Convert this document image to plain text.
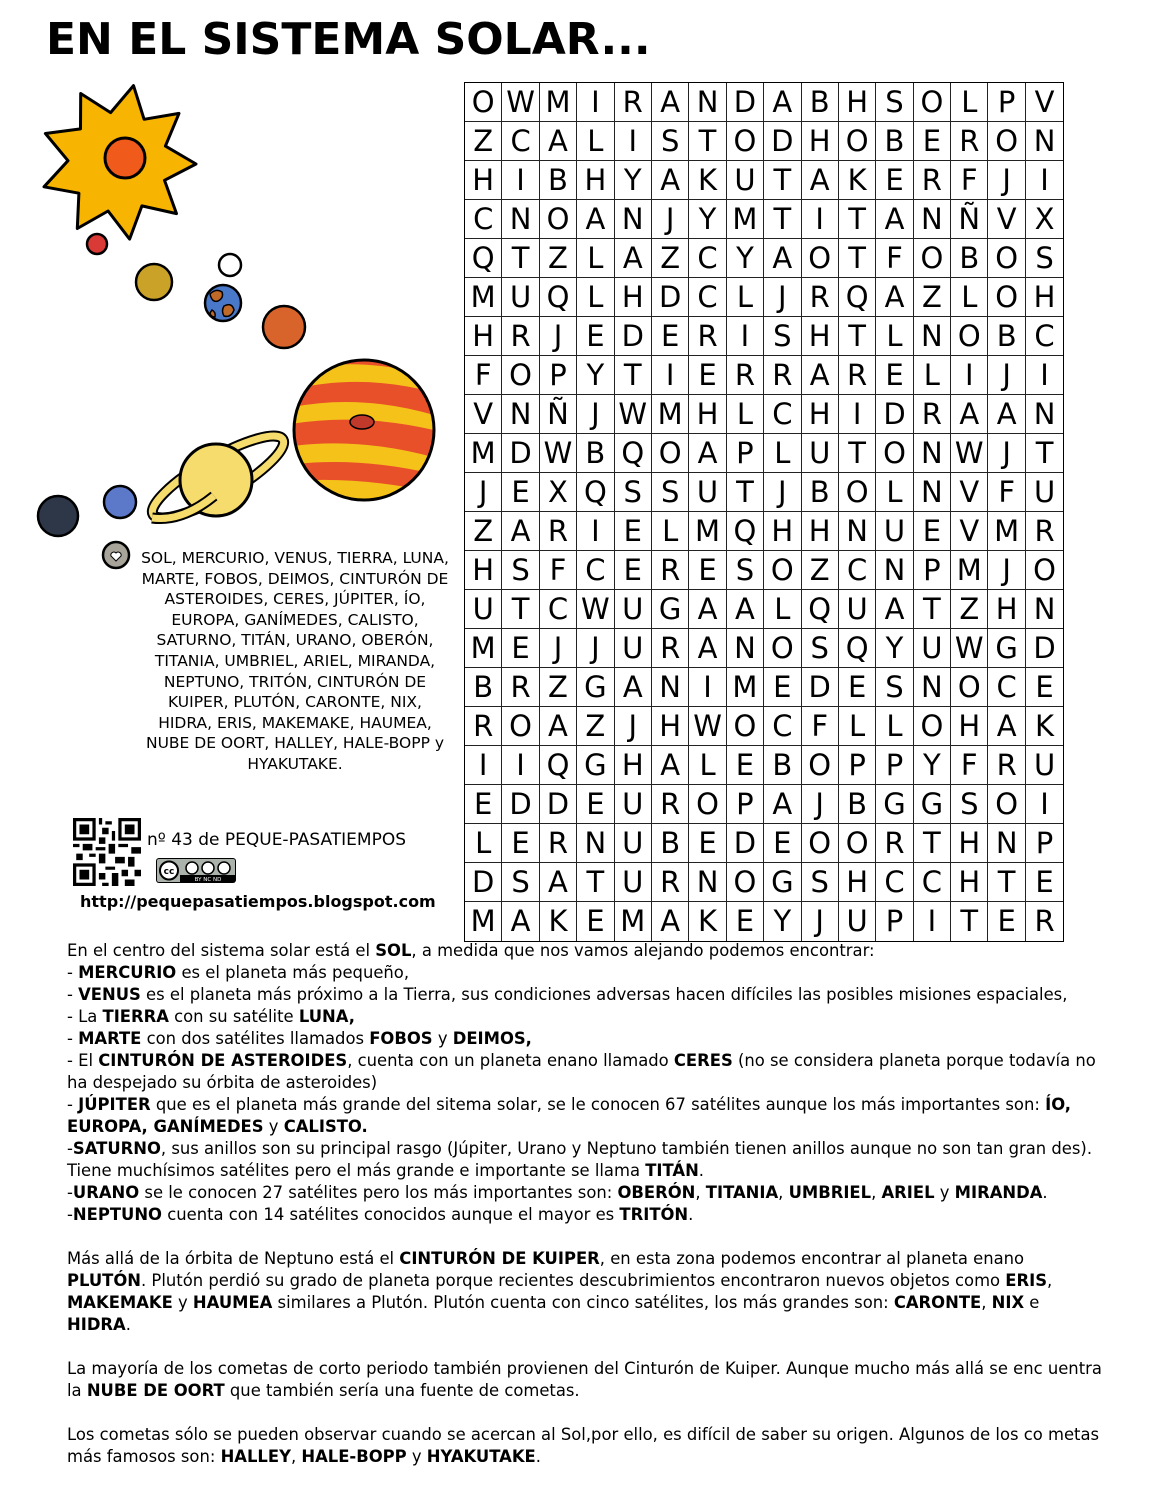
EN EL SISTEMA SOLAR...
SOL, MERCURIO, VENUS, TIERRA, LUNA, MARTE, FOBOS, DEIMOS, CINTURÓN DE ASTEROIDES, CERES, JÚPITER, ÍO, EUROPA, GANÍMEDES, CALISTO, SATURNO, TITÁN, URANO, OBERÓN, TITANIA, UMBRIEL, ARIEL, MIRANDA, NEPTUNO, TRITÓN, CINTURÓN DE KUIPER, PLUTÓN, CARONTE, NIX, HIDRA, ERIS, MAKEMAKE, HAUMEA, NUBE DE OORT, HALLEY, HALE-BOPP y HYAKUTAKE.
nº 43 de PEQUE-PASATIEMPOS
cc
BY NC ND
http://pequepasatiempos.blogspot.com
O W M I R A N D A B H S O L P V
Z C A L I S T O D H O B E R O N
H I B H Y A K U T A K E R F J	I
C N O A N J Y M T I T A N Ñ V X
Q T Z L A Z C Y A O T F O B O S
M U Q L H D C L J R Q A Z L O H
H R J E D E R I S H T L N O B C
F O P Y T I E R R A R E L I J	I
V N Ñ J W M H L C H I D R A A N
M D W B Q O A P L U T O N W J T
J E X Q S S U T J B O L N V F U
Z A R I E L M Q H H N U E V M R
H S F C E R E S O Z C N P M J O
U T C W U G A A L Q U A T Z H N
M E J J U R A N O S Q Y U W G D
B R Z G A N I M E D E S N O C E
R O A Z J H W O C F L L O H A K
I I Q G H A L E B O P P Y F R U
E D D E U R O P A J B G G S O I
L E R N U B E D E O O R T H N P
D S A T U R N O G S H C C H T E
M A K E M A K E Y J U P I T E R

En el centro del sistema solar está el SOL, a medida que nos vamos alejando podemos encontrar:

- MERCURIO es el planeta más pequeño,

- VENUS es el planeta más próximo a la Tierra, sus condiciones adversas hacen difíciles las posibles misiones espaciales,

- La TIERRA con su satélite LUNA,

- MARTE con dos satélites llamados FOBOS y DEIMOS,

- El CINTURÓN DE ASTEROIDES, cuenta con un planeta enano llamado CERES (no se considera planeta porque todavía no ha despejado su órbita de asteroides)

- JÚPITER que es el planeta más grande del sitema solar, se le conocen 67 satélites aunque los más importantes son: ÍO, EUROPA, GANÍMEDES y CALISTO.

-SATURNO, sus anillos son su principal rasgo (Júpiter, Urano y Neptuno también tienen anillos aunque no son tan gran des). Tiene muchísimos satélites pero el más grande e importante se llama TITÁN.

-URANO se le conocen 27 satélites pero los más importantes son: OBERÓN, TITANIA, UMBRIEL, ARIEL y MIRANDA.

-NEPTUNO cuenta con 14 satélites conocidos aunque el mayor es TRITÓN.

Más allá de la órbita de Neptuno está el CINTURÓN DE KUIPER, en esta zona podemos encontrar al planeta enano PLUTÓN. Plutón perdió su grado de planeta porque recientes descubrimientos encontraron nuevos objetos como ERIS, MAKEMAKE y HAUMEA similares a Plutón. Plutón cuenta con cinco satélites, los más grandes son: CARONTE, NIX e HIDRA.

La mayoría de los cometas de corto periodo también provienen del Cinturón de Kuiper. Aunque mucho más allá se enc uentra la NUBE DE OORT que también sería una fuente de cometas.

Los cometas sólo se pueden observar cuando se acercan al Sol,por ello, es difícil de saber su origen. Algunos de los co metas más famosos son: HALLEY, HALE-BOPP y HYAKUTAKE.
